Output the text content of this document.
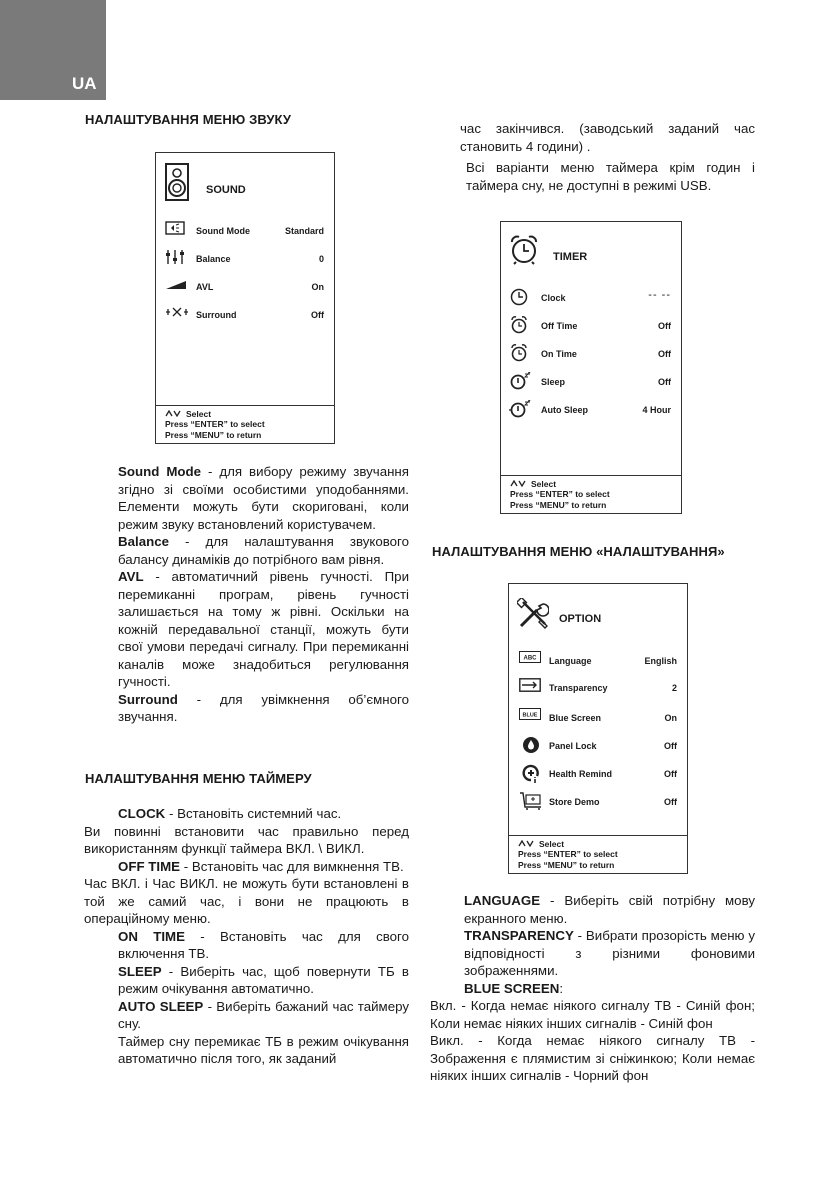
UA
НАЛАШТУВАННЯ МЕНЮ ЗВУКУ
НАЛАШТУВАННЯ МЕНЮ ТАЙМЕРУ
НАЛАШТУВАННЯ МЕНЮ «НАЛАШТУВАННЯ»
SOUND
Sound Mode	Standard
Balance	0
AVL	On
Surround	Off
Select
Press “ENTER” to select
Press “MENU” to return
TIMER
Clock	-- --
Off Time	Off
On Time	Off
Sleep	Off
Auto Sleep	4 Hour
Select
Press “ENTER” to select
Press “MENU” to return
OPTION
ABC Language	English
Transparency	2
BLUE Blue Screen	On
Panel Lock	Off
Health Remind	Off
Store Demo	Off
Select
Press “ENTER” to select
Press “MENU” to return

час закінчився. (заводський заданий час становить 4 години) .

Всі варіанти меню таймера крім годин і таймера сну, не доступні в режимі USB.

Sound Mode - для вибору режиму звучання згідно зі своїми особистими уподобаннями. Елементи можуть бути скориговані, коли режим звуку встановлений користувачем.

Balance - для налаштування звукового балансу динаміків до потрібного вам рівня.

AVL - автоматичний рівень гучності. При перемиканні програм, рівень гучності залишається на тому ж рівні. Оскільки на кожній передавальної станції, можуть бути свої умови передачі сигналу. При перемиканні каналів може знадобиться регулювання гучності.

Surround - для увімкнення об’ємного звучання.

CLOCK - Встановіть системний час.

Ви повинні встановити час правильно перед використанням функції таймера ВКЛ. \ ВИКЛ.

OFF TIME - Встановіть час для вимкнення ТВ.

Час ВКЛ. і Час ВИКЛ. не можуть бути встановлені в той же самий час, і вони не працюють в операційному меню.

ON TIME - Встановіть час для свого включення ТВ.

SLEEP - Виберіть час, щоб повернути ТБ в режим очікування автоматично.

AUTO SLEEP - Виберіть бажаний час таймеру сну.

Таймер сну перемикає ТБ в режим очікування автоматично після того, як заданий

LANGUAGE - Виберіть свій потрібну мову екранного меню.

TRANSPARENCY - Вибрати прозорість меню у відповідності з різними фоновими зображеннями.

BLUE SCREEN:

Вкл. - Когда немає ніякого сигналу ТВ - Синій фон; Коли немає ніяких інших сигналів - Синій фон

Викл. - Когда немає ніякого сигналу ТВ - Зображення є плямистим зі сніжинкою; Коли немає ніяких інших сигналів - Чорний фон
